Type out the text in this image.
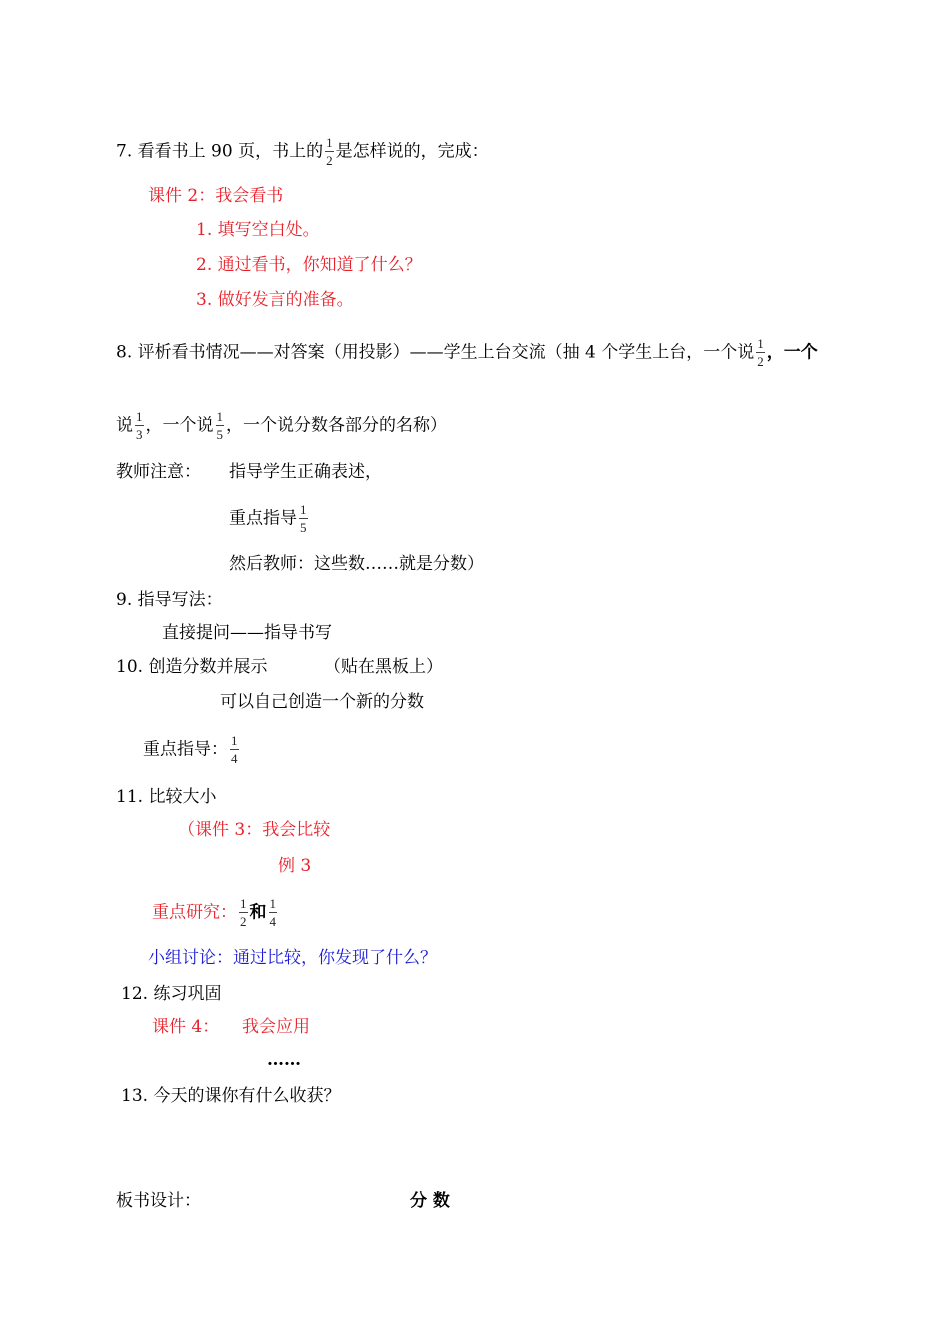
7. 看看书上 90 页，书上的 $\frac{1}{2}$ 是怎样说的，完成：
课件 2：我会看书
1. 填写空白处。
2. 通过看书，你知道了什么？
3. 做好发言的准备。
8. 评析看书情况——对答案（用投影）——学生上台交流（抽 4 个学生上台，一个说 $\frac{1}{2}$ ，一个
说 $\frac{1}{3}$ ，一个说 $\frac{1}{5}$ ，一个说分数各部分的名称）
教师注意： 指导学生正确表述，
重点指导 $\frac{1}{5}$
然后教师：这些数……就是分数）
9. 指导写法：
直接提问——指导书写
10. 创造分数并展示	（贴在黑板上）
可以自己创造一个新的分数
重点指导： $\frac{1}{4}$
11. 比较大小
（课件 3：我会比较
例 3
重点研究： $\frac{1}{2}$ 和 $\frac{1}{4}$
小组讨论：通过比较，你发现了什么？
12. 练习巩固
课件 4： 我会应用
……
13. 今天的课你有什么收获？
板书设计：	分 数
